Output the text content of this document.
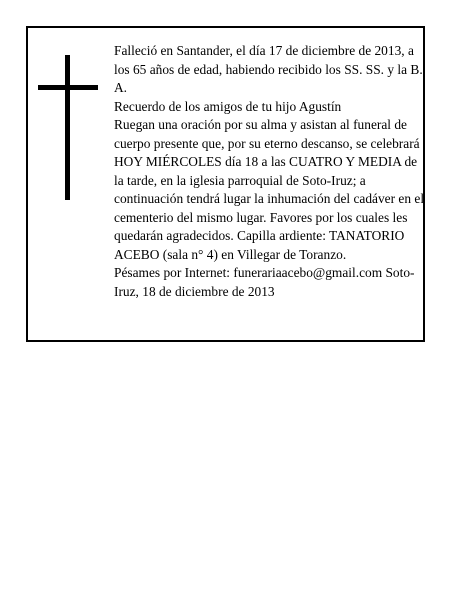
Falleció en Santander, el día 17 de diciembre de 2013, a los 65 años de edad, habiendo recibido los SS. SS. y la B. A.

Recuerdo de los amigos de tu hijo Agustín

Ruegan una oración por su alma y asistan al funeral de cuerpo presente que, por su eterno descanso, se celebrará HOY MIÉRCOLES día 18 a las CUATRO Y MEDIA de la tarde, en la iglesia parroquial de Soto-Iruz; a continuación tendrá lugar la inhumación del cadáver en el cementerio del mismo lugar. Favores por los cuales les quedarán agradecidos. Capilla ardiente: TANATORIO ACEBO (sala n° 4) en Villegar de Toranzo.

Pésames por Internet: funerariaacebo@gmail.com Soto-Iruz, 18 de diciembre de 2013
